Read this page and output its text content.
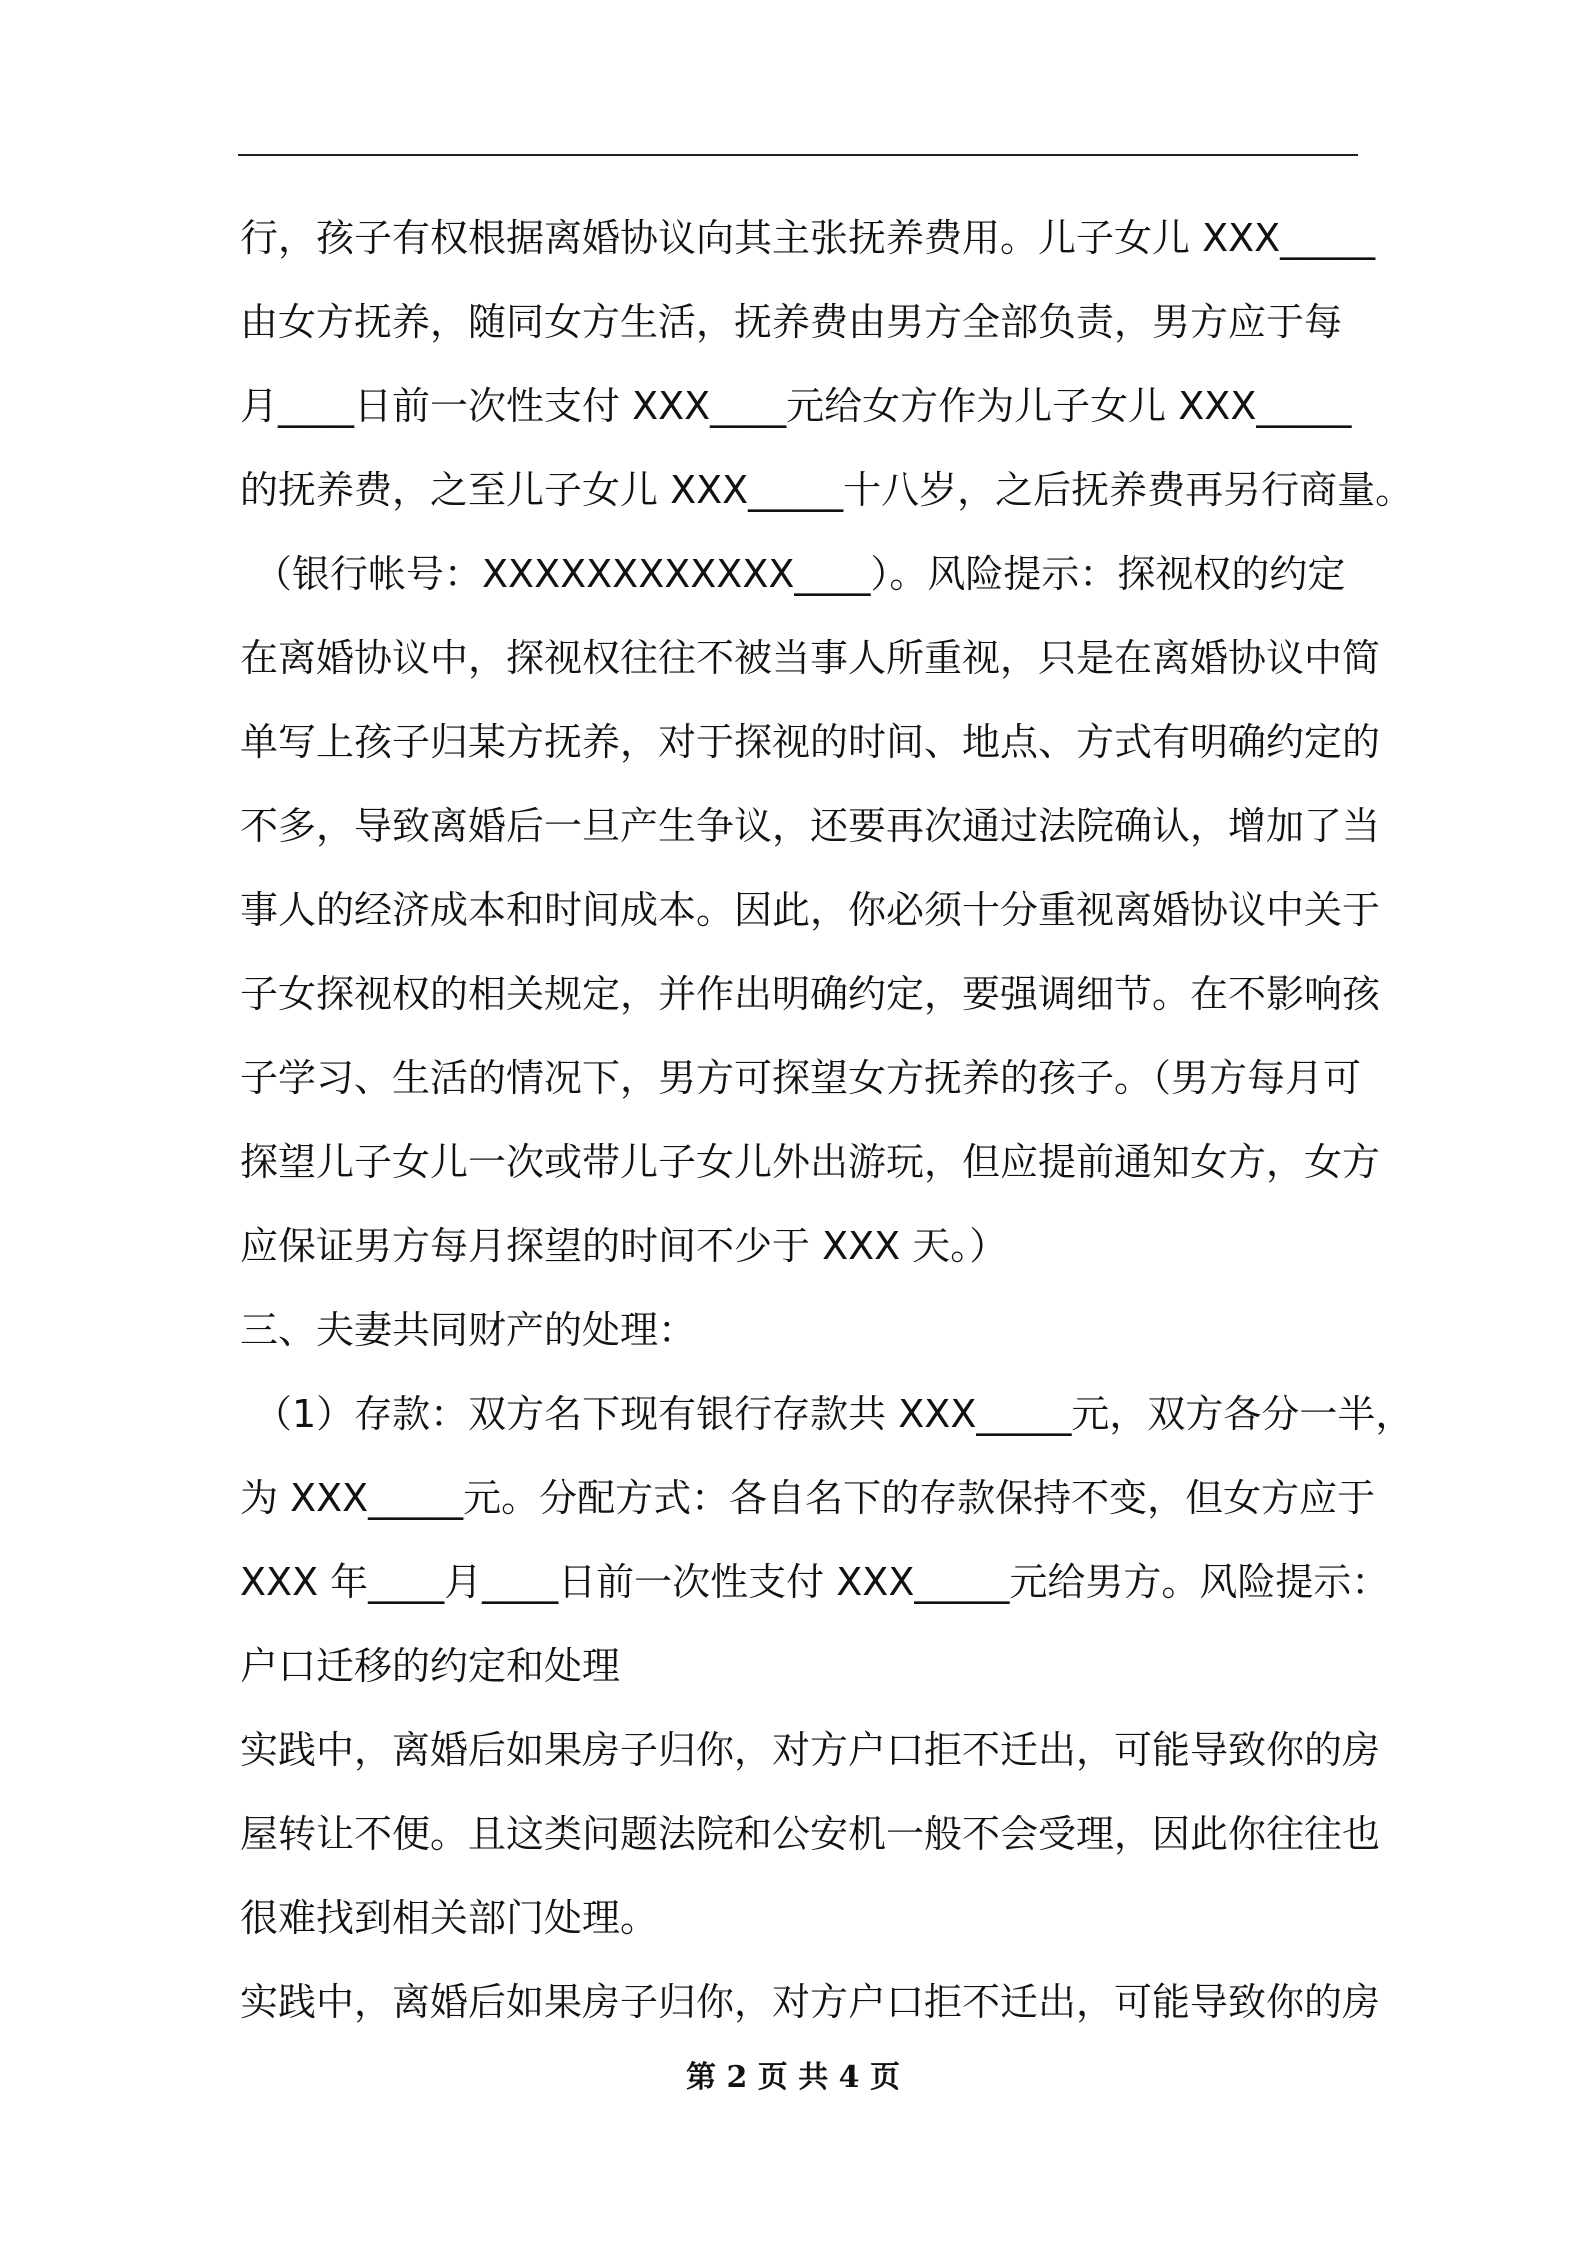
行，孩子有权根据离婚协议向其主张抚养费用。儿子女儿 XXX_____
由女方抚养，随同女方生活，抚养费由男方全部负责，男方应于每
月____日前一次性支付 XXX____元给女方作为儿子女儿 XXX_____
的抚养费，之至儿子女儿 XXX_____十八岁，之后抚养费再另行商量。
（银行帐号：XXXXXXXXXXXX____）。风险提示：探视权的约定
在离婚协议中，探视权往往不被当事人所重视，只是在离婚协议中简
单写上孩子归某方抚养，对于探视的时间、地点、方式有明确约定的
不多，导致离婚后一旦产生争议，还要再次通过法院确认，增加了当
事人的经济成本和时间成本。因此，你必须十分重视离婚协议中关于
子女探视权的相关规定，并作出明确约定，要强调细节。在不影响孩
子学习、生活的情况下，男方可探望女方抚养的孩子。（男方每月可
探望儿子女儿一次或带儿子女儿外出游玩，但应提前通知女方，女方
应保证男方每月探望的时间不少于 XXX 天。）
三、夫妻共同财产的处理：
（1）存款：双方名下现有银行存款共 XXX_____元，双方各分一半，
为 XXX_____元。分配方式：各自名下的存款保持不变，但女方应于
XXX 年____月____日前一次性支付 XXX_____元给男方。风险提示：
户口迁移的约定和处理
实践中，离婚后如果房子归你，对方户口拒不迁出，可能导致你的房
屋转让不便。且这类问题法院和公安机一般不会受理，因此你往往也
很难找到相关部门处理。
实践中，离婚后如果房子归你，对方户口拒不迁出，可能导致你的房
第 2 页 共 4 页
